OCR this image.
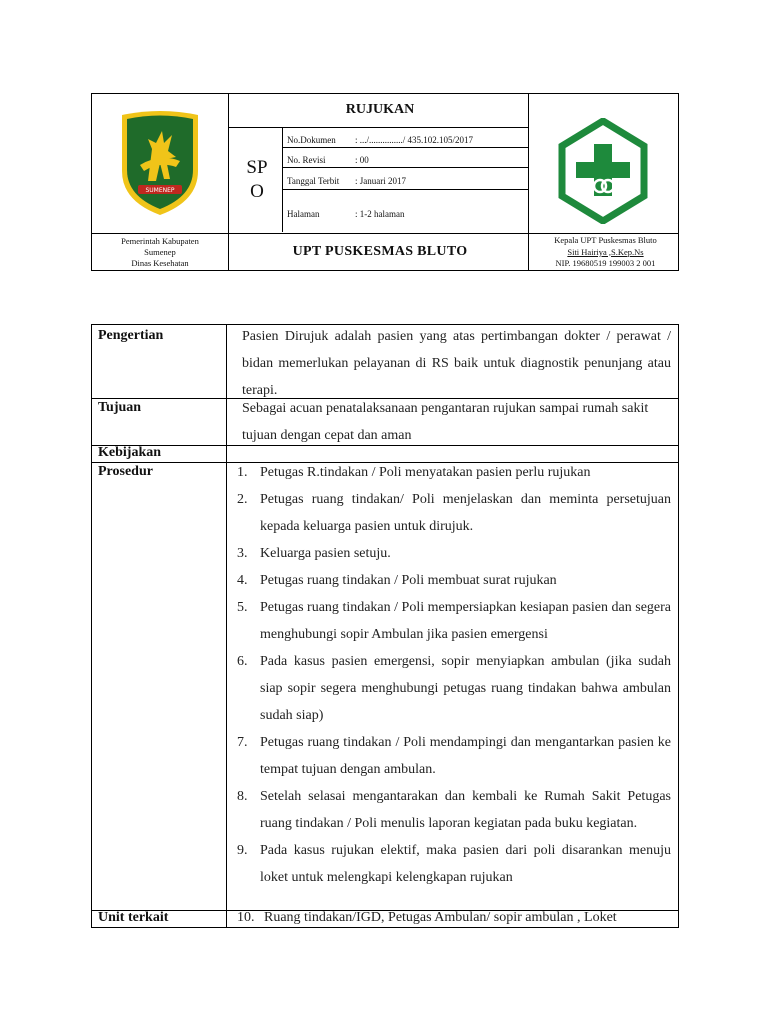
SUMENEP
RUJUKAN
SP
O
No.Dokumen : .../.............../ 435.102.105/2017
No. Revisi	: 00
Tanggal Terbit : Januari 2017
Halaman	: 1-2 halaman
Pemerintah Kabupaten
Sumenep
Dinas Kesehatan
UPT PUSKESMAS BLUTO
Kepala UPT Puskesmas Bluto
Siti Hairiya ,S.Kep.Ns
NIP. 19680519 199003 2 001
Pengertian	Pasien Dirujuk adalah pasien yang atas pertimbangan dokter / perawat / bidan memerlukan pelayanan di RS baik untuk diagnostik penunjang atau terapi.
Tujuan	Sebagai acuan penatalaksanaan pengantaran rujukan sampai rumah sakit tujuan dengan cepat dan aman
Kebijakan
Prosedur	1. Petugas R.tindakan / Poli menyatakan pasien perlu rujukan
2. Petugas ruang tindakan/ Poli menjelaskan dan meminta persetujuan kepada keluarga pasien untuk dirujuk.
3. Keluarga pasien setuju.
4. Petugas ruang tindakan / Poli membuat surat rujukan
5. Petugas ruang tindakan / Poli mempersiapkan kesiapan pasien dan segera menghubungi sopir Ambulan jika pasien emergensi
6. Pada kasus pasien emergensi, sopir menyiapkan ambulan (jika sudah siap sopir segera menghubungi petugas ruang tindakan bahwa ambulan sudah siap)
7. Petugas ruang tindakan / Poli mendampingi dan mengantarkan pasien ke tempat tujuan dengan ambulan.
8. Setelah selasai mengantarakan dan kembali ke Rumah Sakit Petugas ruang tindakan / Poli menulis laporan kegiatan pada buku kegiatan.
9. Pada kasus rujukan elektif, maka pasien dari poli disarankan menuju loket untuk melengkapi kelengkapan rujukan
Unit terkait	10. Ruang tindakan/IGD, Petugas Ambulan/ sopir ambulan , Loket
